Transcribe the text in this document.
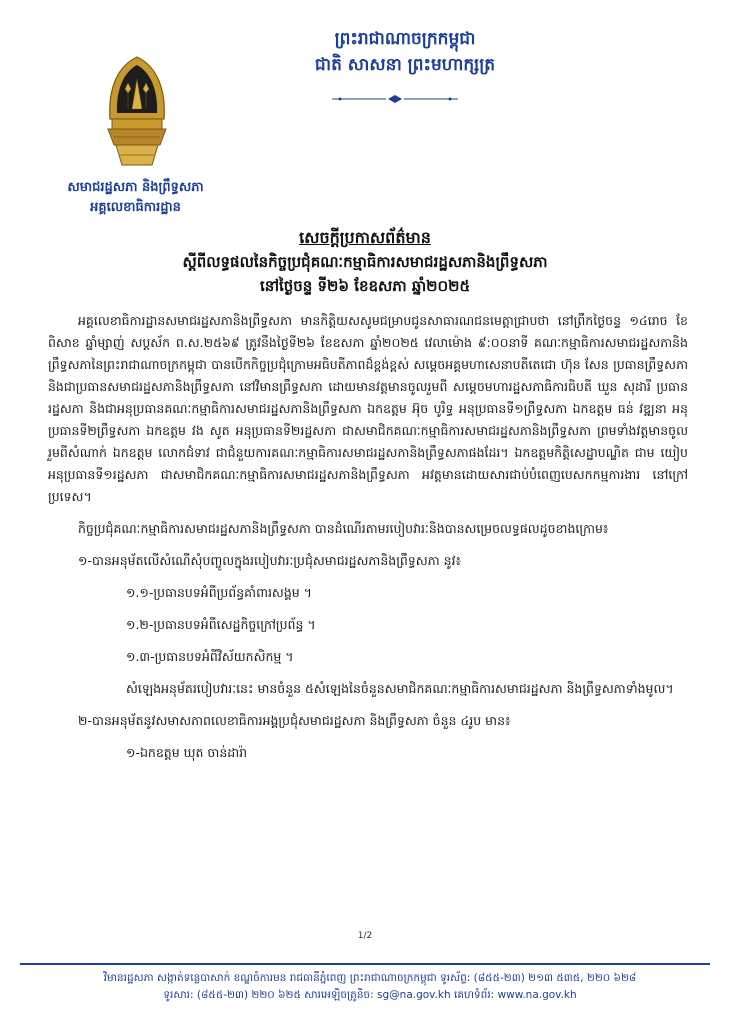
ព្រះរាជាណាចក្រកម្ពុជា
ជាតិ សាសនា ព្រះមហាក្សត្រ
សមាជរដ្ឋសភា និងព្រឹទ្ធសភា
អគ្គលេខាធិការដ្ឋាន
សេចក្តីប្រកាសព័ត៌មាន
ស្តីពីលទ្ធផលនៃកិច្ចប្រជុំគណៈកម្មាធិការសមាជរដ្ឋសភានិងព្រឹទ្ធសភា
នៅថ្ងៃចន្ទ ទី២៦ ខែឧសភា ឆ្នាំ២០២៥

អគ្គលេខាធិការដ្ឋានសមាជរដ្ឋសភានិងព្រឹទ្ធសភា មានកិត្តិយសសូមជម្រាបជូនសាធារណជនមេត្តាជ្រាបថា នៅព្រឹកថ្ងៃចន្ទ ១៤រោច ខែពិសាខ ឆ្នាំម្សាញ់ សប្តស័ក ព.ស.២៥៦៩ ត្រូវនឹងថ្ងៃទី២៦ ខែឧសភា ឆ្នាំ២០២៥ វេលាម៉ោង ៩:០០នាទី គណៈកម្មាធិការសមាជរដ្ឋសភានិងព្រឹទ្ធសភានៃព្រះរាជាណាចក្រកម្ពុជា បានបើកកិច្ចប្រជុំក្រោមអធិបតីភាពដ៏ខ្ពង់ខ្ពស់ សម្តេចអគ្គមហាសេនាបតីតេជោ ហ៊ុន សែន ប្រធានព្រឹទ្ធសភា និងជាប្រធានសមាជរដ្ឋសភានិងព្រឹទ្ធសភា នៅវិមានព្រឹទ្ធសភា ដោយមានវត្តមានចូលរួមពី សម្តេចមហារដ្ឋសភាធិការធិបតី ឃួន សុដារី ប្រធានរដ្ឋសភា និងជាអនុប្រធានគណៈកម្មាធិការសមាជរដ្ឋសភានិងព្រឹទ្ធសភា ឯកឧត្តម អ៊ុច បូរិទ្ធ អនុប្រធានទី១ព្រឹទ្ធសភា ឯកឧត្តម ធន់ វឌ្ឍនា អនុប្រធានទី២ព្រឹទ្ធសភា ឯកឧត្តម វង សូត អនុប្រធានទី២រដ្ឋសភា ជាសមាជិកគណៈកម្មាធិការសមាជរដ្ឋសភានិងព្រឹទ្ធសភា ព្រមទាំងវត្តមានចូលរួមពីសំណាក់ ឯកឧត្តម លោកជំទាវ ជាជំនួយការគណៈកម្មាធិការសមាជរដ្ឋសភានិងព្រឹទ្ធសភាផងដែរ។ ឯកឧត្តមកិត្តិសេដ្ឋាបណ្ឌិត ជាម យៀប អនុប្រធានទី១រដ្ឋសភា ជាសមាជិកគណៈកម្មាធិការសមាជរដ្ឋសភានិងព្រឹទ្ធសភា អវត្តមានដោយសារជាប់បំពេញបេសកកម្មការងារ នៅក្រៅប្រទេស។

កិច្ចប្រជុំគណៈកម្មាធិការសមាជរដ្ឋសភានិងព្រឹទ្ធសភា បានដំណើរតាមរបៀបវារៈនិងបានសម្រេចលទ្ធផលដូចខាងក្រោម៖

១-បានអនុម័តលើសំណើសុំបញ្ចូលក្នុងរបៀបវារៈប្រជុំសមាជរដ្ឋសភានិងព្រឹទ្ធសភា នូវ៖

១.១-ប្រធានបទអំពីប្រព័ន្ធគាំពារសង្គម ។

១.២-ប្រធានបទអំពីសេដ្ឋកិច្ចក្រៅប្រព័ន្ធ ។

១.៣-ប្រធានបទអំពីវិស័យកសិកម្ម ។

សំឡេងអនុម័តរបៀបវារៈនេះ មានចំនួន ៥សំឡេងនៃចំនួនសមាជិកគណៈកម្មាធិការសមាជរដ្ឋសភា និងព្រឹទ្ធសភាទាំងមូល។

២-បានអនុម័តនូវសមាសភាពលេខាធិការអង្គប្រជុំសមាជរដ្ឋសភា និងព្រឹទ្ធសភា ចំនួន ៤រូប មាន៖

១-ឯកឧត្តម ឃុត ចាន់ដារ៉ា

1/2
វិមានរដ្ឋសភា សង្កាត់ទន្លេបាសាក់ ខណ្ឌចំការមន រាជធានីភ្នំពេញ ព្រះរាជាណាចក្រកម្ពុជា ទូរស័ព្ទ: (៨៥៥-២៣) ២១៣ ៥៣៥, ២២០ ៦២៨
ទូរសារ: (៨៥៥-២៣) ២២០ ៦២៥ សារអេឡិចត្រូនិច: sg@na.gov.kh គេហទំព័រ: www.na.gov.kh
